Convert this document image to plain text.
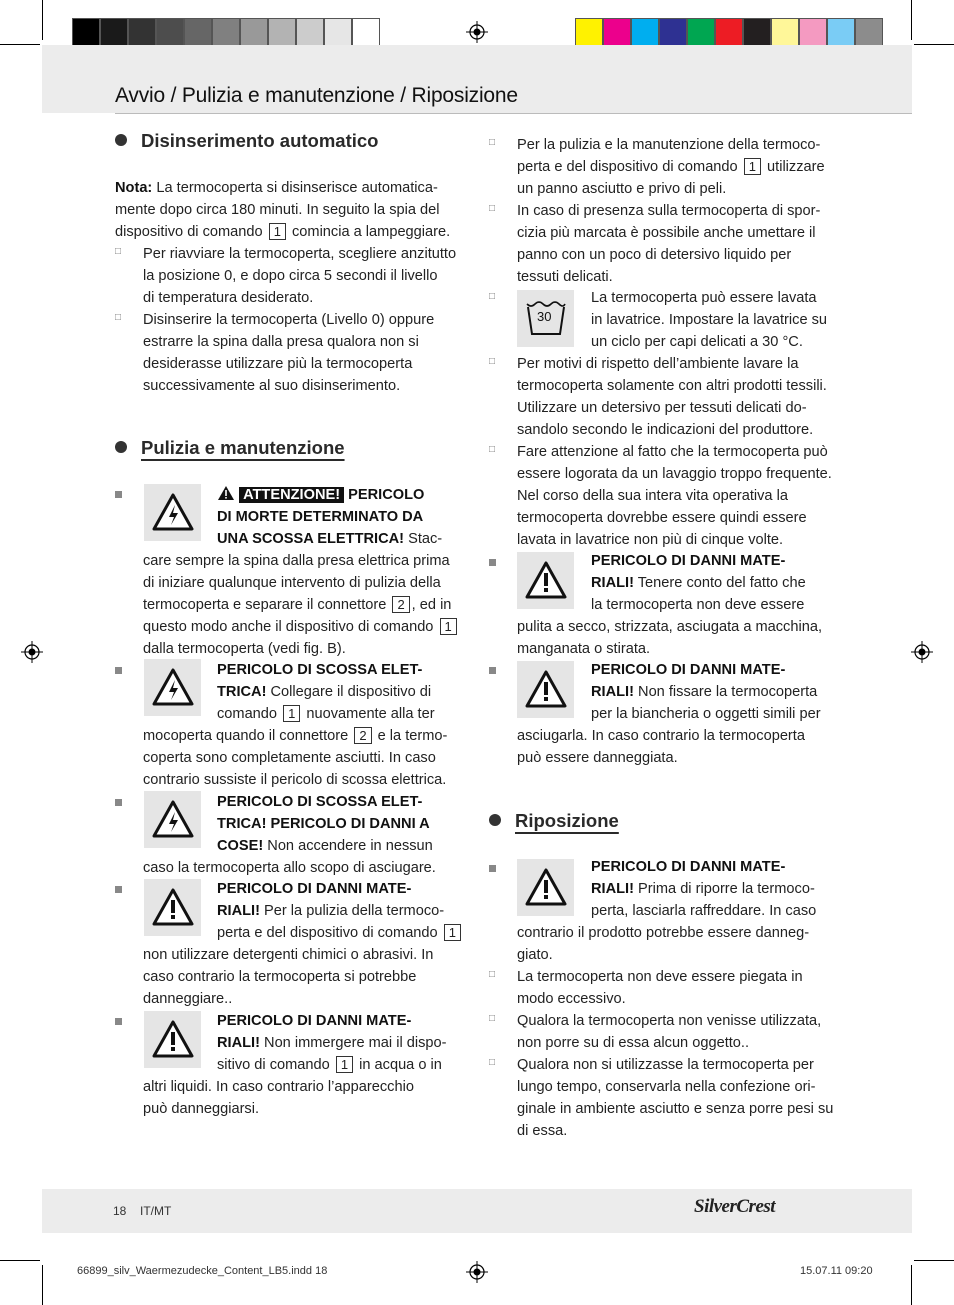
Avvio / Pulizia e manutenzione / Riposizione
Disinserimento automatico
Nota: La termocoperta si disinserisce automatica-
mente dopo circa 180 minuti. In seguito la spia del
dispositivo di comando 1 comincia a lampeggiare.
□ Per riavviare la termocoperta, scegliere anzitutto
la posizione 0, e dopo circa 5 secondi il livello
di temperatura desiderato.
□ Disinserire la termocoperta (Livello 0) oppure
estrarre la spina dalla presa qualora non si
desiderasse utilizzare più la termocoperta
successivamente al suo disinserimento.
Pulizia e manutenzione
ATTENZIONE! PERICOLO
DI MORTE DETERMINATO DA
UNA SCOSSA ELETTRICA! Stac-
care sempre la spina dalla presa elettrica prima
di iniziare qualunque intervento di pulizia della
termocoperta e separare il connettore 2 , ed in
questo modo anche il dispositivo di comando 1
dalla termocoperta (vedi fig. B).
PERICOLO DI SCOSSA ELET-
TRICA! Collegare il dispositivo di
comando 1 nuovamente alla ter
mocoperta quando il connettore 2 e la termo-
coperta sono completamente asciutti. In caso
contrario sussiste il pericolo di scossa elettrica.
PERICOLO DI SCOSSA ELET-
TRICA! PERICOLO DI DANNI A
COSE! Non accendere in nessun
caso la termocoperta allo scopo di asciugare.
PERICOLO DI DANNI MATE-
RIALI! Per la pulizia della termoco-
perta e del dispositivo di comando 1
non utilizzare detergenti chimici o abrasivi. In
caso contrario la termocoperta si potrebbe
danneggiare..
PERICOLO DI DANNI MATE-
RIALI! Non immergere mai il dispo-
sitivo di comando 1 in acqua o in
altri liquidi. In caso contrario l’apparecchio
può danneggiarsi.
□ Per la pulizia e la manutenzione della termoco-
perta e del dispositivo di comando 1 utilizzare
un panno asciutto e privo di peli.
□ In caso di presenza sulla termocoperta di spor-
cizia più marcata è possibile anche umettare il
panno con un poco di detersivo liquido per
tessuti delicati.
□
30
La termocoperta può essere lavata
in lavatrice. Impostare la lavatrice su
un ciclo per capi delicati a 30 °C.
□ Per motivi di rispetto dell’ambiente lavare la
termocoperta solamente con altri prodotti tessili.
Utilizzare un detersivo per tessuti delicati do-
sandolo secondo le indicazioni del produttore.
□ Fare attenzione al fatto che la termocoperta può
essere logorata da un lavaggio troppo frequente.
Nel corso della sua intera vita operativa la
termocoperta dovrebbe essere quindi essere
lavata in lavatrice non più di cinque volte.
PERICOLO DI DANNI MATE-
RIALI! Tenere conto del fatto che
la termocoperta non deve essere
pulita a secco, strizzata, asciugata a macchina,
manganata o stirata.
PERICOLO DI DANNI MATE-
RIALI! Non fissare la termocoperta
per la biancheria o oggetti simili per
asciugarla. In caso contrario la termocoperta
può essere danneggiata.
Riposizione
PERICOLO DI DANNI MATE-
RIALI! Prima di riporre la termoco-
perta, lasciarla raffreddare. In caso
contrario il prodotto potrebbe essere danneg-
giato.
□ La termocoperta non deve essere piegata in
modo eccessivo.
□ Qualora la termocoperta non venisse utilizzata,
non porre su di essa alcun oggetto..
□ Qualora non si utilizzasse la termocoperta per
lungo tempo, conservarla nella confezione ori-
ginale in ambiente asciutto e senza porre pesi su
di essa.
18 IT/MT	SilverCrest
66899_silv_Waermezudecke_Content_LB5.indd 18	15.07.11 09:20
